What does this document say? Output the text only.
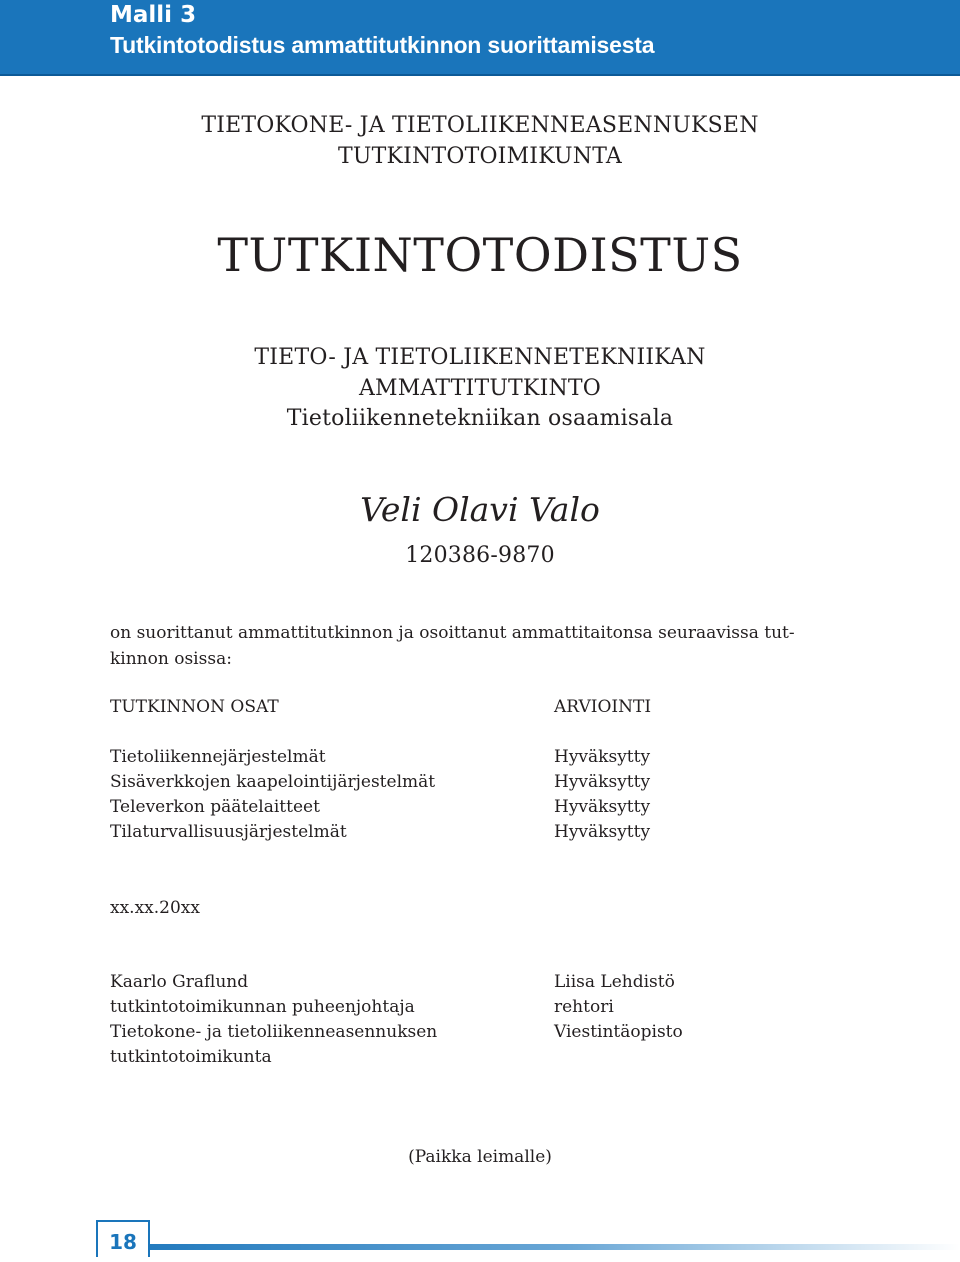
Malli 3

Tutkintotodistus ammattitutkinnon suorittamisesta

TIETOKONE- JA TIETOLIIKENNEASENNUKSEN

TUTKINTOTOIMIKUNTA

TUTKINTOTODISTUS

TIETO- JA TIETOLIIKENNETEKNIIKAN

AMMATTITUTKINTO

Tietoliikennetekniikan osaamisala

Veli Olavi Valo

120386-9870

on suorittanut ammattitutkinnon ja osoittanut ammattitaitonsa seuraavissa tut-kinnon osissa:

TUTKINNON OSAT	ARVIOINTI

Tietoliikennejärjestelmät
Sisäverkkojen kaapelointijärjestelmät
Televerkon päätelaitteet
Tilaturvallisuusjärjestelmät
Hyväksytty
Hyväksytty
Hyväksytty
Hyväksytty

xx.xx.20xx

Kaarlo Graflund
tutkintotoimikunnan puheenjohtaja
Tietokone- ja tietoliikenneasennuksen
tutkintotoimikunta
Liisa Lehdistö
rehtori
Viestintäopisto

(Paikka leimalle)

18
